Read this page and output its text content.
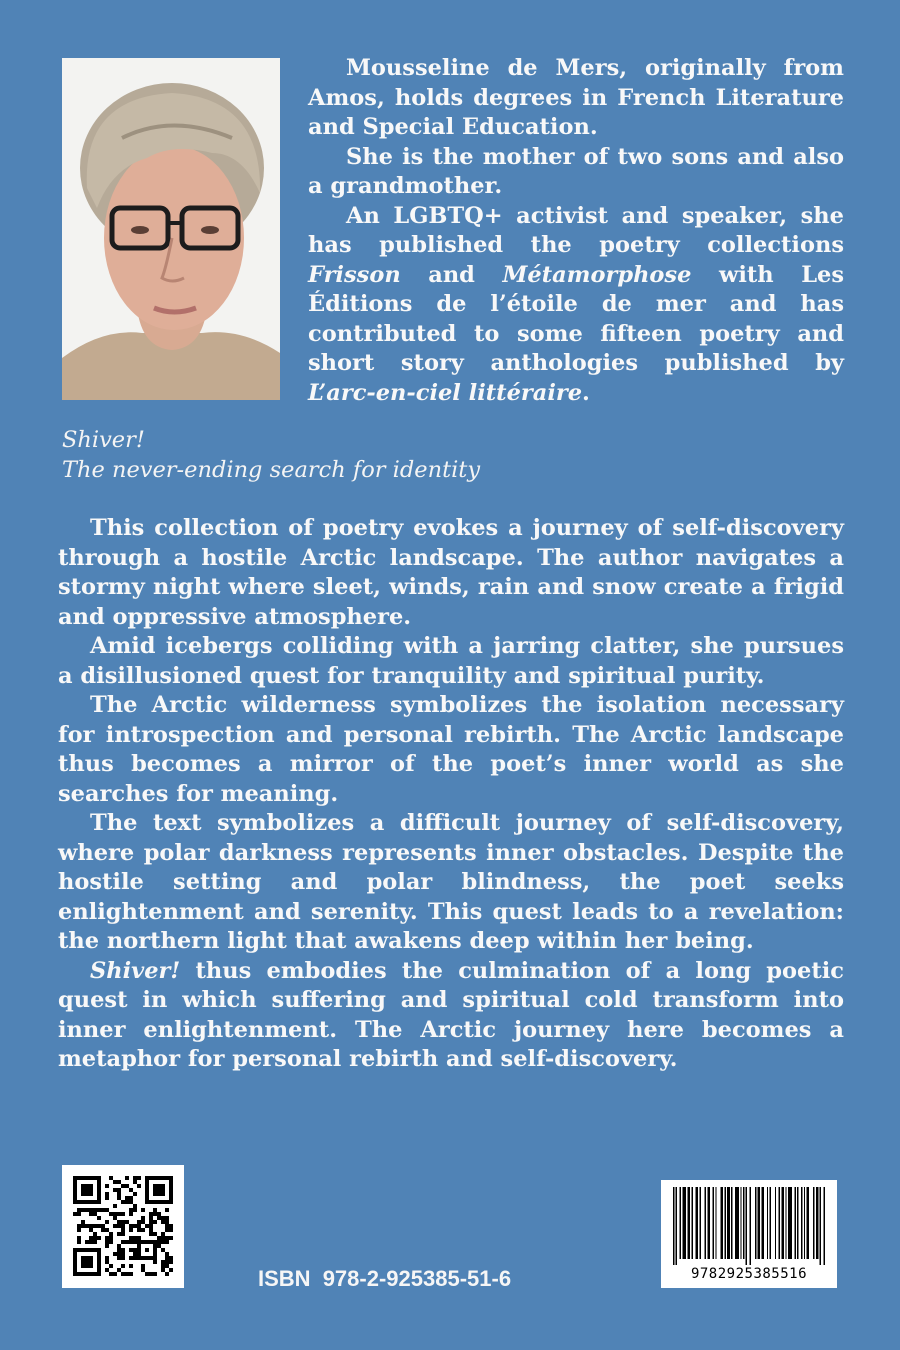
Mousseline de Mers, originally from Amos, holds degrees in French Literature and Special Education.

She is the mother of two sons and also a grandmother.

An LGBTQ+ activist and speaker, she has published the poetry collections Frisson and Métamorphose with Les Éditions de l’étoile de mer and has contributed to some fifteen poetry and short story anthologies published by L’arc-en-ciel littéraire.

Shiver!
The never-ending search for identity

This collection of poetry evokes a journey of self-discovery through a hostile Arctic landscape. The author navigates a stormy night where sleet, winds, rain and snow create a frigid and oppressive atmosphere.

Amid icebergs colliding with a jarring clatter, she pursues a disillusioned quest for tranquility and spiritual purity.

The Arctic wilderness symbolizes the isolation necessary for introspection and personal rebirth. The Arctic landscape thus becomes a mirror of the poet’s inner world as she searches for meaning.

The text symbolizes a difficult journey of self-discovery, where polar darkness represents inner obstacles. Despite the hostile setting and polar blindness, the poet seeks enlightenment and serenity. This quest leads to a revelation: the northern light that awakens deep within her being.

Shiver! thus embodies the culmination of a long poetic quest in which suffering and spiritual cold transform into inner enlightenment. The Arctic journey here becomes a metaphor for personal rebirth and self-discovery.

9782925385516
ISBN 978-2-925385-51-6
